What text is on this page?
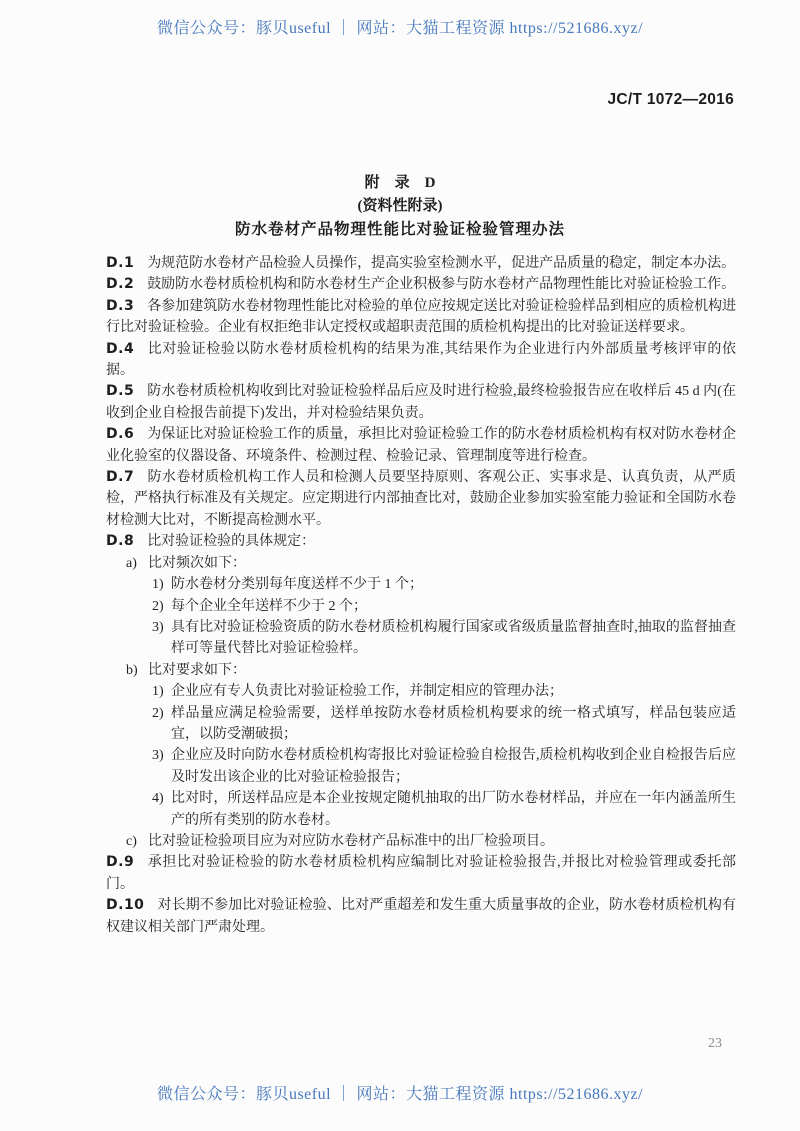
微信公众号：豚贝useful ｜ 网站：大猫工程资源 https://521686.xyz/
JC/T 1072—2016

附　录　D

(资料性附录)

防水卷材产品物理性能比对验证检验管理办法

D.1 为规范防水卷材产品检验人员操作，提高实验室检测水平，促进产品质量的稳定，制定本办法。

D.2 鼓励防水卷材质检机构和防水卷材生产企业积极参与防水卷材产品物理性能比对验证检验工作。

D.3 各参加建筑防水卷材物理性能比对检验的单位应按规定送比对验证检验样品到相应的质检机构进行比对验证检验。企业有权拒绝非认定授权或超职责范围的质检机构提出的比对验证送样要求。

D.4 比对验证检验以防水卷材质检机构的结果为准,其结果作为企业进行内外部质量考核评审的依据。

D.5 防水卷材质检机构收到比对验证检验样品后应及时进行检验,最终检验报告应在收样后 45 d 内(在收到企业自检报告前提下)发出，并对检验结果负责。

D.6 为保证比对验证检验工作的质量，承担比对验证检验工作的防水卷材质检机构有权对防水卷材企业化验室的仪器设备、环境条件、检测过程、检验记录、管理制度等进行检查。

D.7 防水卷材质检机构工作人员和检测人员要坚持原则、客观公正、实事求是、认真负责，从严质检，严格执行标准及有关规定。应定期进行内部抽查比对，鼓励企业参加实验室能力验证和全国防水卷材检测大比对，不断提高检测水平。

D.8 比对验证检验的具体规定：

a) 比对频次如下：

1) 防水卷材分类别每年度送样不少于 1 个；

2) 每个企业全年送样不少于 2 个；

3) 具有比对验证检验资质的防水卷材质检机构履行国家或省级质量监督抽查时,抽取的监督抽查样可等量代替比对验证检验样。

b) 比对要求如下：

1) 企业应有专人负责比对验证检验工作，并制定相应的管理办法；

2) 样品量应满足检验需要，送样单按防水卷材质检机构要求的统一格式填写，样品包装应适宜，以防受潮破损；

3) 企业应及时向防水卷材质检机构寄报比对验证检验自检报告,质检机构收到企业自检报告后应及时发出该企业的比对验证检验报告；

4) 比对时，所送样品应是本企业按规定随机抽取的出厂防水卷材样品，并应在一年内涵盖所生产的所有类别的防水卷材。

c) 比对验证检验项目应为对应防水卷材产品标准中的出厂检验项目。

D.9 承担比对验证检验的防水卷材质检机构应编制比对验证检验报告,并报比对检验管理或委托部门。

D.10 对长期不参加比对验证检验、比对严重超差和发生重大质量事故的企业，防水卷材质检机构有权建议相关部门严肃处理。

23
微信公众号：豚贝useful ｜ 网站：大猫工程资源 https://521686.xyz/
